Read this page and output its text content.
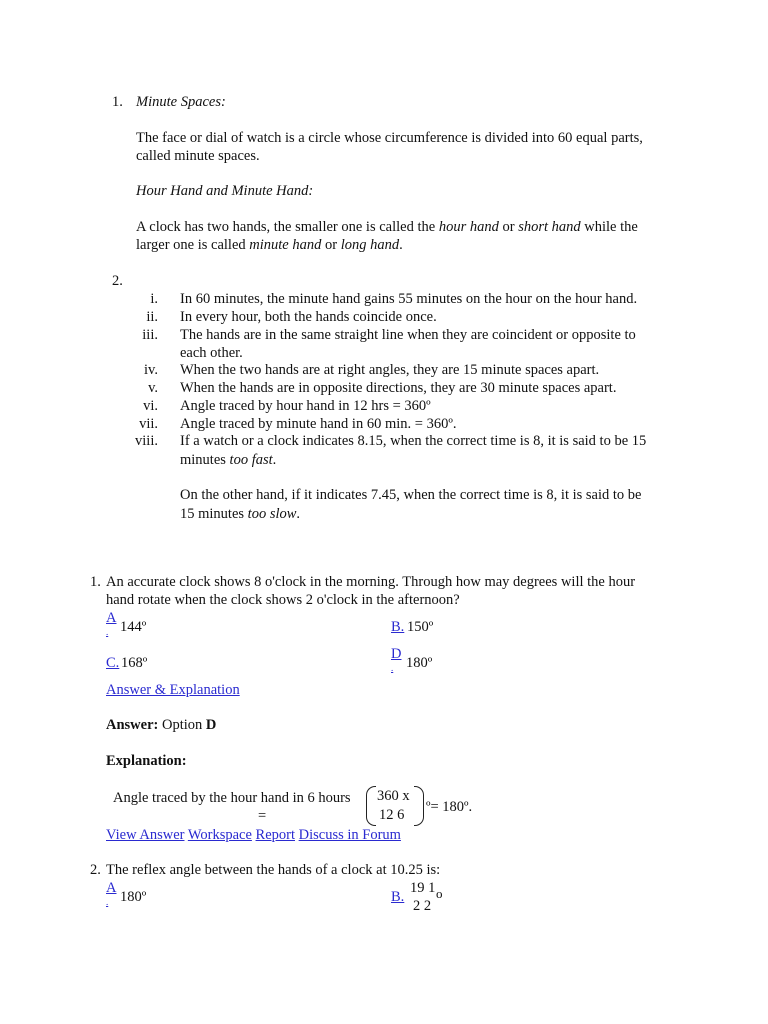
1. Minute Spaces:
The face or dial of watch is a circle whose circumference is divided into 60 equal parts,
called minute spaces.
Hour Hand and Minute Hand:
A clock has two hands, the smaller one is called the hour hand or short hand while the
larger one is called minute hand or long hand.
2.
i. In 60 minutes, the minute hand gains 55 minutes on the hour on the hour hand.
ii. In every hour, both the hands coincide once.
iii. The hands are in the same straight line when they are coincident or opposite to
each other.
iv. When the two hands are at right angles, they are 15 minute spaces apart.
v. When the hands are in opposite directions, they are 30 minute spaces apart.
vi. Angle traced by hour hand in 12 hrs = 360º
vii. Angle traced by minute hand in 60 min. = 360º.
viii. If a watch or a clock indicates 8.15, when the correct time is 8, it is said to be 15
minutes too fast.
On the other hand, if it indicates 7.45, when the correct time is 8, it is said to be
15 minutes too slow.
1. An accurate clock shows 8 o'clock in the morning. Through how may degrees will the hour
hand rotate when the clock shows 2 o'clock in the afternoon?
A
. 144º	B. 150º
C. 168º
D
. 180º
Answer & Explanation
Answer: Option D
Explanation:
Angle traced by the hour hand in 6 hours
=
360 x
12 6 º= 180º.
View Answer Workspace Report Discuss in Forum
2. The reflex angle between the hands of a clock at 10.25 is:
A
. 180º	B.
19 1
2 2
o
